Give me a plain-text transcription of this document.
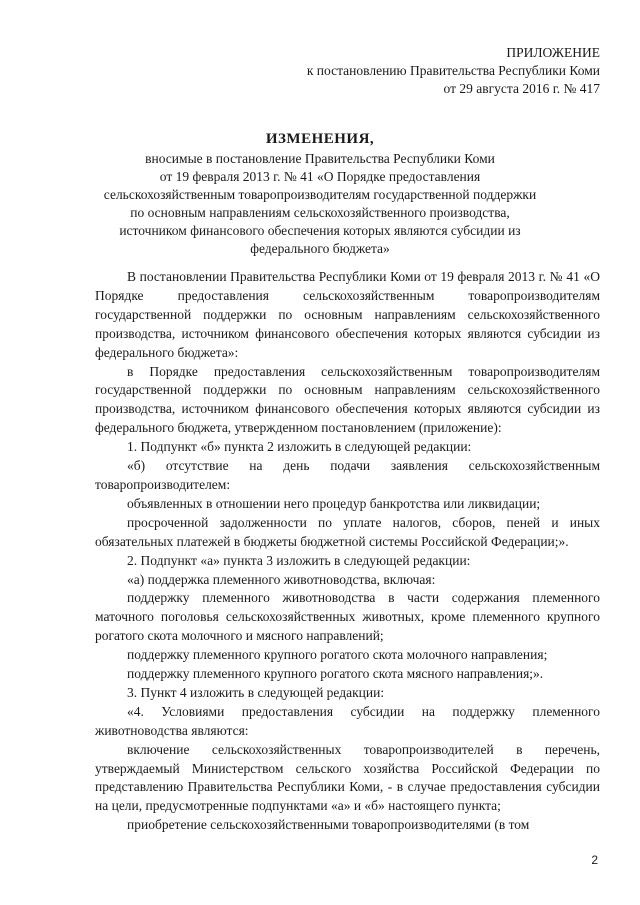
ПРИЛОЖЕНИЕ
к постановлению Правительства Республики Коми
от 29 августа 2016 г. № 417
ИЗМЕНЕНИЯ,
вносимые в постановление Правительства Республики Коми
от 19 февраля 2013 г. № 41 «О Порядке предоставления
сельскохозяйственным товаропроизводителям государственной поддержки
по основным направлениям сельскохозяйственного производства,
источником финансового обеспечения которых являются субсидии из
федерального бюджета»

В постановлении Правительства Республики Коми от 19 февраля 2013 г. № 41 «О Порядке предоставления сельскохозяйственным товаропроизводителям государственной поддержки по основным направлениям сельскохозяйственного производства, источником финансового обеспечения которых являются субсидии из федерального бюджета»:

в Порядке предоставления сельскохозяйственным товаропроизводителям государственной поддержки по основным направлениям сельскохозяйственного производства, источником финансового обеспечения которых являются субсидии из федерального бюджета, утвержденном постановлением (приложение):

1. Подпункт «б» пункта 2 изложить в следующей редакции:

«б) отсутствие на день подачи заявления сельскохозяйственным товаропроизводителем:

объявленных в отношении него процедур банкротства или ликвидации;

просроченной задолженности по уплате налогов, сборов, пеней и иных обязательных платежей в бюджеты бюджетной системы Российской Федерации;».

2. Подпункт «а» пункта 3 изложить в следующей редакции:

«а) поддержка племенного животноводства, включая:

поддержку племенного животноводства в части содержания племенного маточного поголовья сельскохозяйственных животных, кроме племенного крупного рогатого скота молочного и мясного направлений;

поддержку племенного крупного рогатого скота молочного направления;

поддержку племенного крупного рогатого скота мясного направления;».

3. Пункт 4 изложить в следующей редакции:

«4. Условиями предоставления субсидии на поддержку племенного животноводства являются:

включение сельскохозяйственных товаропроизводителей в перечень, утверждаемый Министерством сельского хозяйства Российской Федерации по представлению Правительства Республики Коми, - в случае предоставления субсидии на цели, предусмотренные подпунктами «а» и «б» настоящего пункта;

приобретение сельскохозяйственными товаропроизводителями (в том

2
